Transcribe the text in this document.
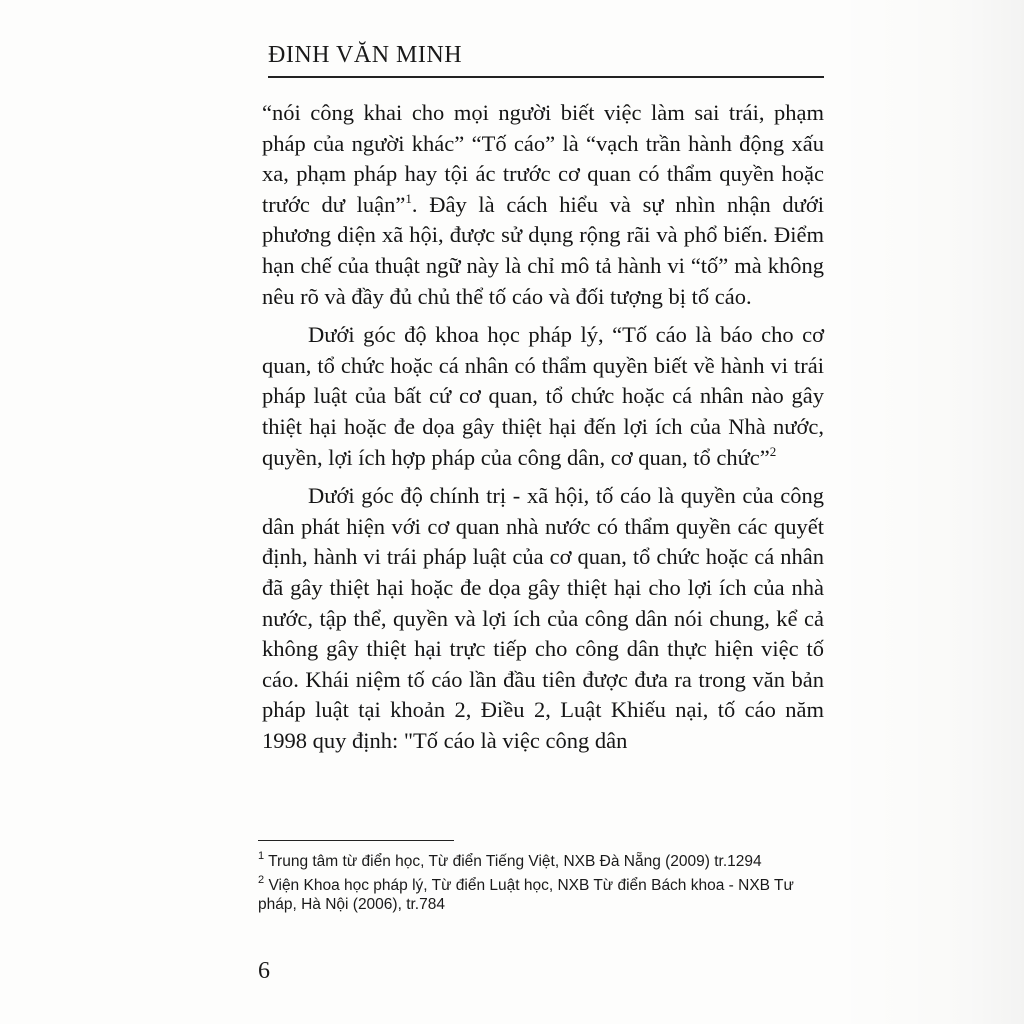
ĐINH VĂN MINH

“nói công khai cho mọi người biết việc làm sai trái, phạm pháp của người khác” “Tố cáo” là “vạch trần hành động xấu xa, phạm pháp hay tội ác trước cơ quan có thẩm quyền hoặc trước dư luận”$^1$. Đây là cách hiểu và sự nhìn nhận dưới phương diện xã hội, được sử dụng rộng rãi và phổ biến. Điểm hạn chế của thuật ngữ này là chỉ mô tả hành vi “tố” mà không nêu rõ và đầy đủ chủ thể tố cáo và đối tượng bị tố cáo.

Dưới góc độ khoa học pháp lý, “Tố cáo là báo cho cơ quan, tổ chức hoặc cá nhân có thẩm quyền biết về hành vi trái pháp luật của bất cứ cơ quan, tổ chức hoặc cá nhân nào gây thiệt hại hoặc đe dọa gây thiệt hại đến lợi ích của Nhà nước, quyền, lợi ích hợp pháp của công dân, cơ quan, tổ chức”$^2$

Dưới góc độ chính trị - xã hội, tố cáo là quyền của công dân phát hiện với cơ quan nhà nước có thẩm quyền các quyết định, hành vi trái pháp luật của cơ quan, tổ chức hoặc cá nhân đã gây thiệt hại hoặc đe dọa gây thiệt hại cho lợi ích của nhà nước, tập thể, quyền và lợi ích của công dân nói chung, kể cả không gây thiệt hại trực tiếp cho công dân thực hiện việc tố cáo. Khái niệm tố cáo lần đầu tiên được đưa ra trong văn bản pháp luật tại khoản 2, Điều 2, Luật Khiếu nại, tố cáo năm 1998 quy định: "Tố cáo là việc công dân

$^1$ Trung tâm từ điển học, Từ điển Tiếng Việt, NXB Đà Nẵng (2009) tr.1294
$^2$ Viện Khoa học pháp lý, Từ điển Luật học, NXB Từ điển Bách khoa - NXB Tư pháp, Hà Nội (2006), tr.784
6
